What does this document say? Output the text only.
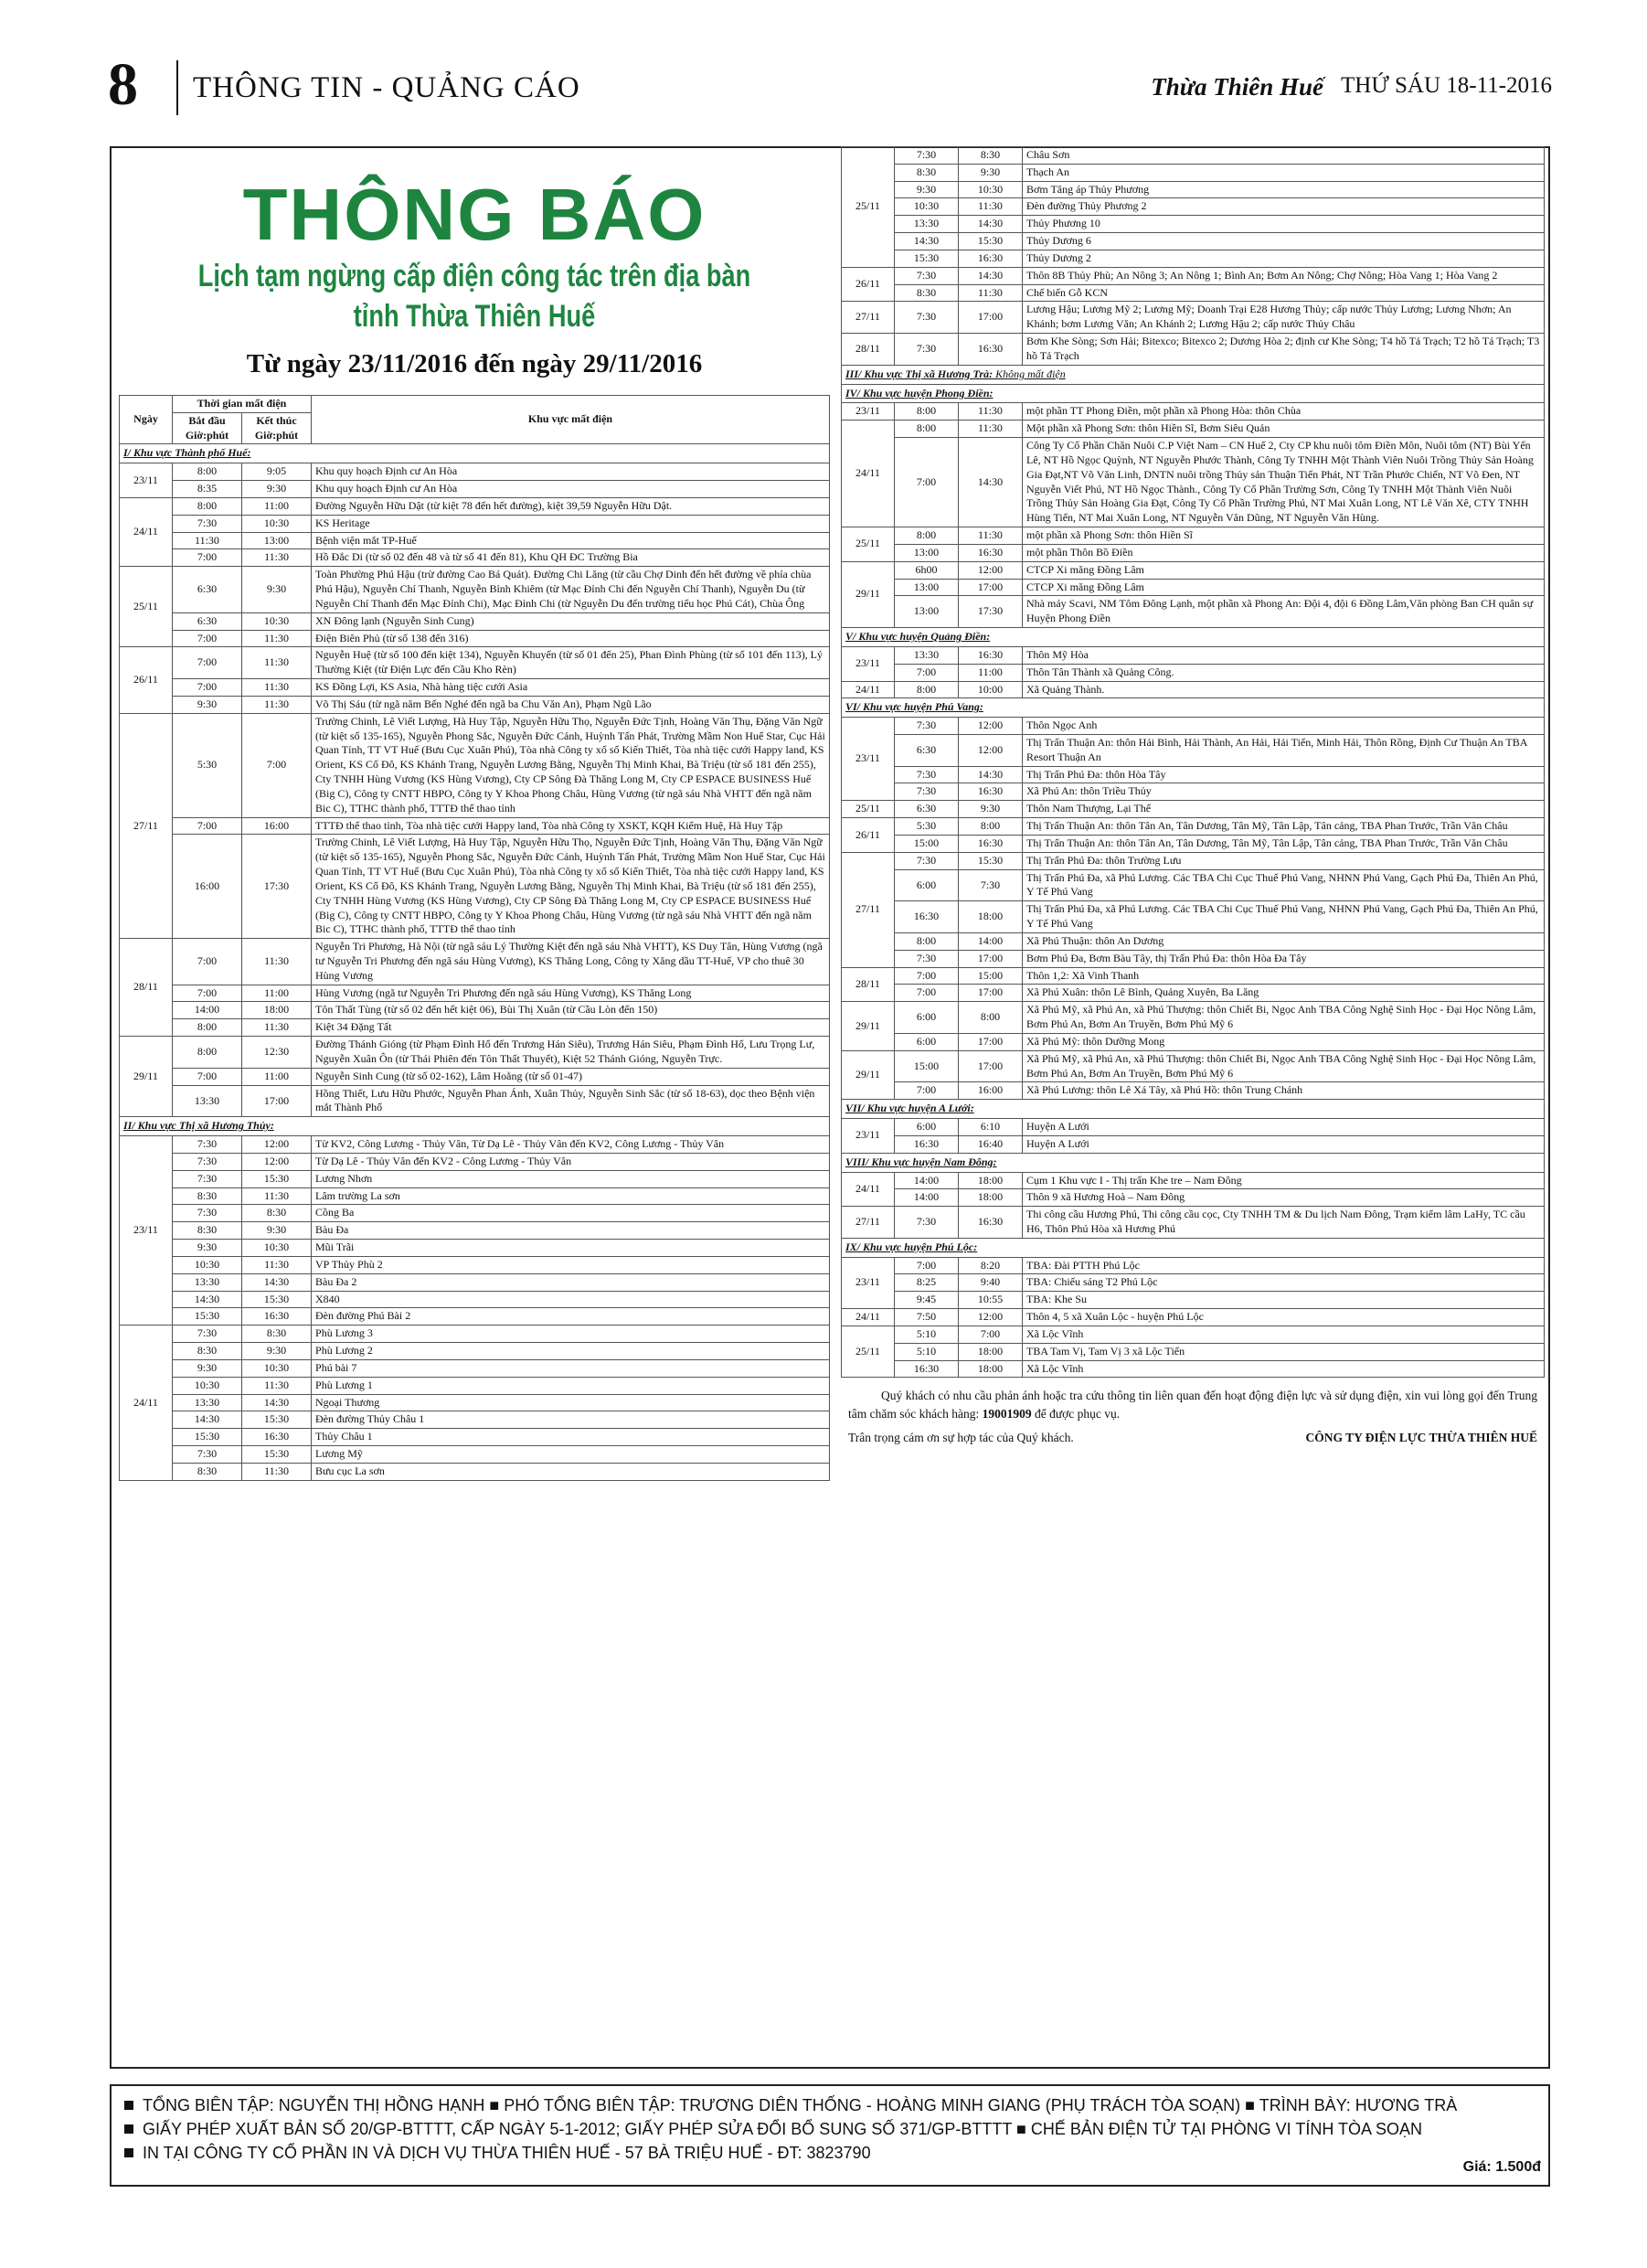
8	THÔNG TIN - QUẢNG CÁO	Thừa Thiên Huế THỨ SÁU 18-11-2016
THÔNG BÁO
Lịch tạm ngừng cấp điện công tác trên địa bàn tỉnh Thừa Thiên Huế
Từ ngày 23/11/2016 đến ngày 29/11/2016
Ngày	Thời gian mất điện		Khu vực mất điện
	Bắt đầu Giờ:phút	Kết thúc Giờ:phút	
I/ Khu vực Thành phố Huế:			
23/11	8:00	9:05	Khu quy hoạch Định cư An Hòa
	8:35	9:30	Khu quy hoạch Định cư An Hòa
24/11	8:00	11:00	Đường Nguyễn Hữu Dật (từ kiệt 78 đến hết đường), kiệt 39,59 Nguyễn Hữu Dật.
	7:30	10:30	KS Heritage
	11:30	13:00	Bệnh viện mắt TP-Huế
	7:00	11:30	Hồ Đắc Di (từ số 02 đến 48 và từ số 41 đến 81), Khu QH ĐC Trường Bia
25/11	6:30	9:30	Toàn Phường Phú Hậu (trừ đường Cao Bá Quát). Đường Chi Lăng (từ cầu Chợ Dinh đến hết đường về phía chùa Phú Hậu), Nguyễn Chí Thanh, Nguyễn Bỉnh Khiêm (từ Mạc Đỉnh Chi đến Nguyễn Chí Thanh), Nguyễn Du (từ Nguyễn Chí Thanh đến Mạc Đỉnh Chi), Mạc Đỉnh Chi (từ Nguyễn Du đến trường tiểu học Phú Cát), Chùa Ông
	6:30	10:30	XN Đông lạnh (Nguyễn Sinh Cung)
	7:00	11:30	Điện Biên Phủ (từ số 138 đến 316)
26/11	7:00	11:30	Nguyễn Huệ (từ số 100 đến kiệt 134), Nguyễn Khuyến (từ số 01 đến 25), Phan Đình Phùng (từ số 101 đến 113), Lý Thường Kiệt (từ Điện Lực đến Cầu Kho Rèn)
	7:00	11:30	KS Đồng Lợi, KS Asia, Nhà hàng tiệc cưới Asia
	9:30	11:30	Võ Thị Sáu (từ ngã năm Bến Nghé đến ngã ba Chu Văn An), Phạm Ngũ Lão
27/11	5:30	7:00	Trường Chinh, Lê Viết Lượng, Hà Huy Tập, Nguyễn Hữu Thọ, Nguyễn Đức Tịnh, Hoàng Văn Thụ, Đặng Văn Ngữ (từ kiệt số 135-165), Nguyễn Phong Sắc, Nguyễn Đức Cảnh, Huỳnh Tấn Phát, Trường Mầm Non Huế Star, Cục Hải Quan Tỉnh, TT VT Huế (Bưu Cục Xuân Phú), Tòa nhà Công ty xổ số Kiến Thiết, Tòa nhà tiệc cưới Happy land, KS Orient, KS Cố Đô, KS Khánh Trang, Nguyễn Lương Bằng, Nguyễn Thị Minh Khai, Bà Triệu (từ số 181 đến 255), Cty TNHH Hùng Vương (KS Hùng Vương), Cty CP Sông Đà Thăng Long M, Cty CP ESPACE BUSINESS Huế (Big C), Công ty CNTT HBPO, Công ty Y Khoa Phong Châu, Hùng Vương (từ ngã sáu Nhà VHTT đến ngã năm Bic C), TTHC thành phố, TTTĐ thể thao tỉnh
	7:00	16:00	TTTĐ thể thao tỉnh, Tòa nhà tiệc cưới Happy land, Tòa nhà Công ty XSKT, KQH Kiểm Huệ, Hà Huy Tập
	16:00	17:30	Trường Chinh, Lê Viết Lượng, Hà Huy Tập, Nguyễn Hữu Thọ, Nguyễn Đức Tịnh, Hoàng Văn Thụ, Đặng Văn Ngữ (từ kiệt số 135-165), Nguyễn Phong Sắc, Nguyễn Đức Cảnh, Huỳnh Tấn Phát, Trường Mầm Non Huế Star, Cục Hải Quan Tỉnh, TT VT Huế (Bưu Cục Xuân Phú), Tòa nhà Công ty xổ số Kiến Thiết, Tòa nhà tiệc cưới Happy land, KS Orient, KS Cố Đô, KS Khánh Trang, Nguyễn Lương Bằng, Nguyễn Thị Minh Khai, Bà Triệu (từ số 181 đến 255), Cty TNHH Hùng Vương (KS Hùng Vương), Cty CP Sông Đà Thăng Long M, Cty CP ESPACE BUSINESS Huế (Big C), Công ty CNTT HBPO, Công ty Y Khoa Phong Châu, Hùng Vương (từ ngã sáu Nhà VHTT đến ngã năm Bic C), TTHC thành phố, TTTĐ thể thao tỉnh
28/11	7:00	11:30	Nguyễn Tri Phương, Hà Nội (từ ngã sáu Lý Thường Kiệt đến ngã sáu Nhà VHTT), KS Duy Tân, Hùng Vương (ngã tư Nguyễn Tri Phương đến ngã sáu Hùng Vương), KS Thăng Long, Công ty Xăng dầu TT-Huế, VP cho thuê 30 Hùng Vương
	7:00	11:00	Hùng Vương (ngã tư Nguyễn Tri Phương đến ngã sáu Hùng Vương), KS Thăng Long
	14:00	18:00	Tôn Thất Tùng (từ số 02 đến hết kiệt 06), Bùi Thị Xuân (từ Cầu Lòn đến 150)
	8:00	11:30	Kiệt 34 Đặng Tất
29/11	8:00	12:30	Đường Thánh Gióng (từ Phạm Đình Hổ đến Trương Hán Siêu), Trương Hán Siêu, Phạm Đình Hổ, Lưu Trọng Lư, Nguyễn Xuân Ôn (từ Thái Phiên đến Tôn Thất Thuyết), Kiệt 52 Thánh Gióng, Nguyễn Trực.
	7:00	11:00	Nguyễn Sinh Cung (từ số 02-162), Lâm Hoằng (từ số 01-47)
	13:30	17:00	Hồng Thiết, Lưu Hữu Phước, Nguyễn Phan Ánh, Xuân Thủy, Nguyễn Sinh Sắc (từ số 18-63), dọc theo Bệnh viện mắt Thành Phố
II/ Khu vực Thị xã Hương Thủy:			
23/11	7:30	12:00	Từ KV2, Công Lương - Thủy Vân, Từ Dạ Lê - Thủy Vân đến KV2, Công Lương - Thủy Vân
	7:30	12:00	Từ Dạ Lê - Thủy Vân đến KV2 - Công Lương - Thủy Vân
	7:30	15:30	Lương Nhơn
	8:30	11:30	Lâm trường La sơn
	7:30	8:30	Cồng Ba
	8:30	9:30	Bàu Đa
	9:30	10:30	Mũi Trãi
	10:30	11:30	VP Thủy Phù 2
	13:30	14:30	Bàu Đa 2
	14:30	15:30	X840
	15:30	16:30	Đèn đường Phú Bài 2
24/11	7:30	8:30	Phù Lương 3
	8:30	9:30	Phù Lương 2
	9:30	10:30	Phú bài 7
	10:30	11:30	Phù Lương 1
	13:30	14:30	Ngoại Thương
	14:30	15:30	Đèn đường Thủy Châu 1
	15:30	16:30	Thủy Châu 1
	7:30	15:30	Lương Mỹ
	8:30	11:30	Bưu cục La sơn
25/11	7:30	8:30	Châu Sơn
	8:30	9:30	Thạch An
	9:30	10:30	Bơm Tăng áp Thủy Phương
	10:30	11:30	Đèn đường Thủy Phương 2
	13:30	14:30	Thủy Phương 10
	14:30	15:30	Thủy Dương 6
	15:30	16:30	Thủy Dương 2
26/11	7:30	14:30	Thôn 8B Thủy Phù; An Nông 3; An Nông 1; Bình An; Bơm An Nông; Chợ Nông; Hòa Vang 1; Hòa Vang 2
	8:30	11:30	Chế biến Gỗ KCN
27/11	7:30	17:00	Lương Hậu; Lương Mỹ 2; Lương Mỹ; Doanh Trại E28 Hương Thủy; cấp nước Thủy Lương; Lương Nhơn; An Khánh; bơm Lương Văn; An Khánh 2; Lương Hậu 2; cấp nước Thủy Châu
28/11	7:30	16:30	Bơm Khe Sòng; Sơn Hải; Bitexco; Bitexco 2; Dương Hòa 2; định cư Khe Sòng; T4 hồ Tả Trạch; T2 hồ Tả Trạch; T3 hồ Tả Trạch
III/ Khu vực Thị xã Hương Trà: Không mất điện			
IV/ Khu vực huyện Phong Điền:			
23/11	8:00	11:30	một phần TT Phong Điền, một phần xã Phong Hòa: thôn Chùa
24/11	8:00	11:30	Một phần xã Phong Sơn: thôn Hiền Sĩ, Bơm Siêu Quản
	7:00	14:30	Công Ty Cổ Phần Chăn Nuôi C.P Việt Nam – CN Huế 2, Cty CP khu nuôi tôm Điền Môn, Nuôi tôm (NT) Bùi Yến Lê, NT Hồ Ngọc Quỳnh, NT Nguyễn Phước Thành, Công Ty TNHH Một Thành Viên Nuôi Trồng Thủy Sản Hoàng Gia Đạt,NT Võ Văn Linh, DNTN nuôi trồng Thủy sản Thuận Tiến Phát, NT Trần Phước Chiến, NT Võ Đen, NT Nguyễn Viết Phú, NT Hồ Ngọc Thành., Công Ty Cổ Phần Trường Sơn, Công Ty TNHH Một Thành Viên Nuôi Trồng Thủy Sản Hoàng Gia Đạt, Công Ty Cổ Phần Trường Phú, NT Mai Xuân Long, NT Lê Văn Xê, CTY TNHH Hùng Tiến, NT Mai Xuân Long, NT Nguyễn Văn Dũng, NT Nguyễn Văn Hùng.
25/11	8:00	11:30	một phần xã Phong Sơn: thôn Hiền Sĩ
	13:00	16:30	một phần Thôn Bồ Điền
29/11	6h00	12:00	CTCP Xi măng Đồng Lâm
	13:00	17:00	CTCP Xi măng Đồng Lâm
	13:00	17:30	Nhà máy Scavi, NM Tôm Đông Lạnh, một phần xã Phong An: Đội 4, đội 6 Đồng Lâm,Văn phòng Ban CH quân sự Huyện Phong Điền
V/ Khu vực huyện Quảng Điền:			
23/11	13:30	16:30	Thôn Mỹ Hòa
	7:00	11:00	Thôn Tân Thành xã Quảng Công.
24/11	8:00	10:00	Xã Quảng Thành.
VI/ Khu vực huyện Phú Vang:			
23/11	7:30	12:00	Thôn Ngọc Anh
	6:30	12:00	Thị Trấn Thuận An: thôn Hải Bình, Hải Thành, An Hải, Hải Tiến, Minh Hải, Thôn Rồng, Định Cư Thuận An TBA Resort Thuận An
	7:30	14:30	Thị Trấn Phú Đa: thôn Hòa Tây
	7:30	16:30	Xã Phú An: thôn Triều Thủy
25/11	6:30	9:30	Thôn Nam Thượng, Lại Thế
26/11	5:30	8:00	Thị Trấn Thuận An: thôn Tân An, Tân Dương, Tân Mỹ, Tân Lập, Tân cảng, TBA Phan Trước, Trần Văn Châu
	15:00	16:30	Thị Trấn Thuận An: thôn Tân An, Tân Dương, Tân Mỹ, Tân Lập, Tân cảng, TBA Phan Trước, Trần Văn Châu
27/11	7:30	15:30	Thị Trấn Phú Đa: thôn Trường Lưu
	6:00	7:30	Thị Trấn Phú Đa, xã Phú Lương. Các TBA Chi Cục Thuế Phú Vang, NHNN Phú Vang, Gạch Phú Đa, Thiên An Phú, Y Tế Phú Vang
	16:30	18:00	Thị Trấn Phú Đa, xã Phú Lương. Các TBA Chi Cục Thuế Phú Vang, NHNN Phú Vang, Gạch Phú Đa, Thiên An Phú, Y Tế Phú Vang
	8:00	14:00	Xã Phú Thuận: thôn An Dương
	7:30	17:00	Bơm Phú Đa, Bơm Bàu Tây, thị Trấn Phú Đa: thôn Hòa Đa Tây
28/11	7:00	15:00	Thôn 1,2: Xã Vinh Thanh
	7:00	17:00	Xã Phú Xuân: thôn Lê Bình, Quảng Xuyên, Ba Lăng
29/11	6:00	8:00	Xã Phú Mỹ, xã Phú An, xã Phú Thượng: thôn Chiết Bi, Ngọc Anh TBA Công Nghệ Sinh Học - Đại Học Nông Lâm, Bơm Phú An, Bơm An Truyền, Bơm Phú Mỹ 6
	6:00	17:00	Xã Phú Mỹ: thôn Dưỡng Mong
29/11	15:00	17:00	Xã Phú Mỹ, xã Phú An, xã Phú Thượng: thôn Chiết Bi, Ngọc Anh TBA Công Nghệ Sinh Học - Đại Học Nông Lâm, Bơm Phú An, Bơm An Truyền, Bơm Phú Mỹ 6
	7:00	16:00	Xã Phú Lương: thôn Lê Xá Tây, xã Phú Hồ: thôn Trung Chánh
VII/ Khu vực huyện A Lưới:			
23/11	6:00	6:10	Huyện A Lưới
	16:30	16:40	Huyện A Lưới
VIII/ Khu vực huyện Nam Đông:			
24/11	14:00	18:00	Cụm 1 Khu vực I - Thị trấn Khe tre – Nam Đông
	14:00	18:00	Thôn 9 xã Hương Hoà – Nam Đông
27/11	7:30	16:30	Thi công cầu Hương Phú, Thi công cầu cọc, Cty TNHH TM & Du lịch Nam Đông, Trạm kiểm lâm LaHy, TC cầu H6, Thôn Phú Hòa xã Hương Phú
IX/ Khu vực huyện Phú Lộc:			
23/11	7:00	8:20	TBA: Đài PTTH Phú Lộc
	8:25	9:40	TBA: Chiếu sáng T2 Phú Lộc
	9:45	10:55	TBA: Khe Su
24/11	7:50	12:00	Thôn 4, 5 xã Xuân Lộc - huyện Phú Lộc
25/11	5:10	7:00	Xã Lộc Vĩnh
	5:10	18:00	TBA Tam Vị, Tam Vị 3 xã Lộc Tiến
	16:30	18:00	Xã Lộc Vĩnh
Quý khách có nhu cầu phản ánh hoặc tra cứu thông tin liên quan đến hoạt động điện lực và sử dụng điện, xin vui lòng gọi đến Trung tâm chăm sóc khách hàng: 19001909 để được phục vụ.
Trân trọng cám ơn sự hợp tác của Quý khách.	CÔNG TY ĐIỆN LỰC THỪA THIÊN HUẾ
TỔNG BIÊN TẬP: NGUYỄN THỊ HỒNG HẠNH ■ PHÓ TỔNG BIÊN TẬP: TRƯƠNG DIÊN THỐNG - HOÀNG MINH GIANG (PHỤ TRÁCH TÒA SOẠN) ■ TRÌNH BÀY: HƯƠNG TRÀ
GIẤY PHÉP XUẤT BẢN SỐ 20/GP-BTTTT, CẤP NGÀY 5-1-2012; GIẤY PHÉP SỬA ĐỔI BỔ SUNG SỐ 371/GP-BTTTT ■ CHẾ BẢN ĐIỆN TỬ TẠI PHÒNG VI TÍNH TÒA SOẠN
IN TẠI CÔNG TY CỔ PHẦN IN VÀ DỊCH VỤ THỪA THIÊN HUẾ - 57 BÀ TRIỆU HUẾ - ĐT: 3823790
Giá: 1.500đ
